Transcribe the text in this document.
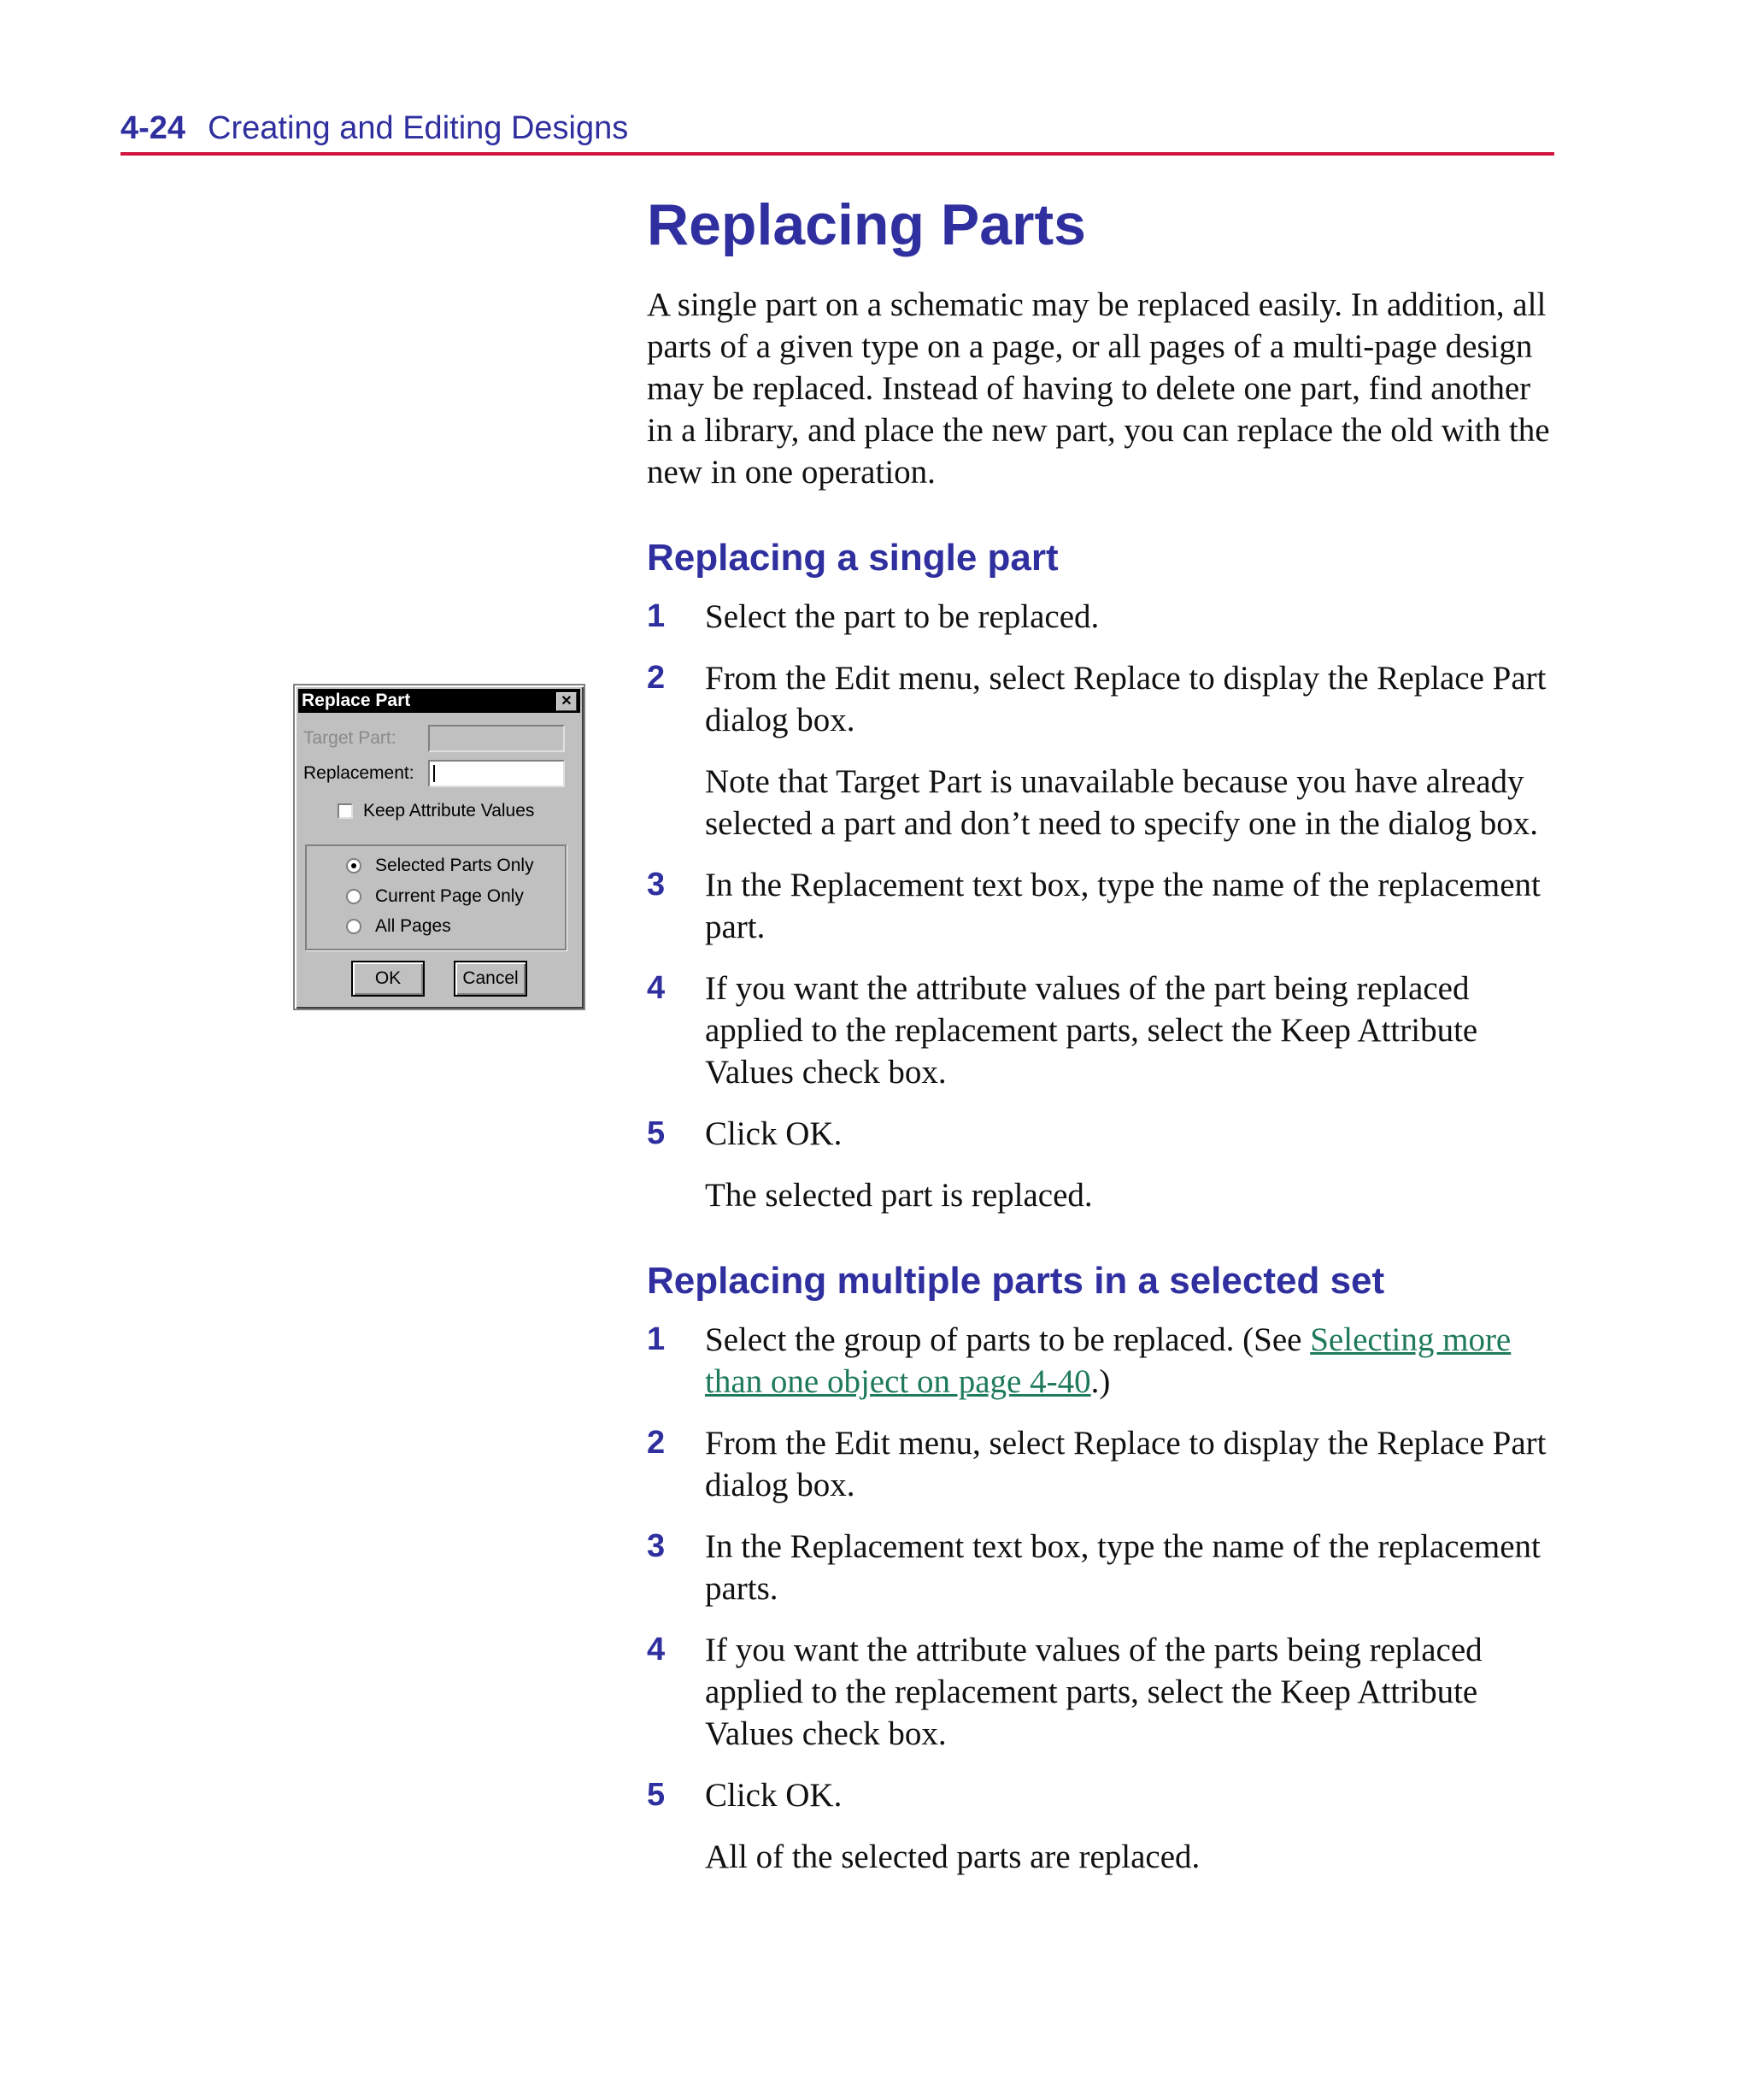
4-24 Creating and Editing Designs
Replace Part	✕
Target Part:
Replacement:
Keep Attribute Values
Selected Parts Only
Current Page Only
All Pages
OK	Cancel
Replacing Parts

A single part on a schematic may be replaced easily. In addition, all parts of a given type on a page, or all pages of a multi-page design may be replaced. Instead of having to delete one part, find another in a library, and place the new part, you can replace the old with the new in one operation.

Replacing a single part
1 Select the part to be replaced.
2 From the Edit menu, select Replace to display the Replace Part dialog box.
Note that Target Part is unavailable because you have already selected a part and don’t need to specify one in the dialog box.
3 In the Replacement text box, type the name of the replacement part.
4 If you want the attribute values of the part being replaced applied to the replacement parts, select the Keep Attribute Values check box.
5 Click OK.
The selected part is replaced.
Replacing multiple parts in a selected set
1 Select the group of parts to be replaced. (See Selecting more than one object on page 4-40.)
2 From the Edit menu, select Replace to display the Replace Part dialog box.
3 In the Replacement text box, type the name of the replacement parts.
4 If you want the attribute values of the parts being replaced applied to the replacement parts, select the Keep Attribute Values check box.
5 Click OK.
All of the selected parts are replaced.
